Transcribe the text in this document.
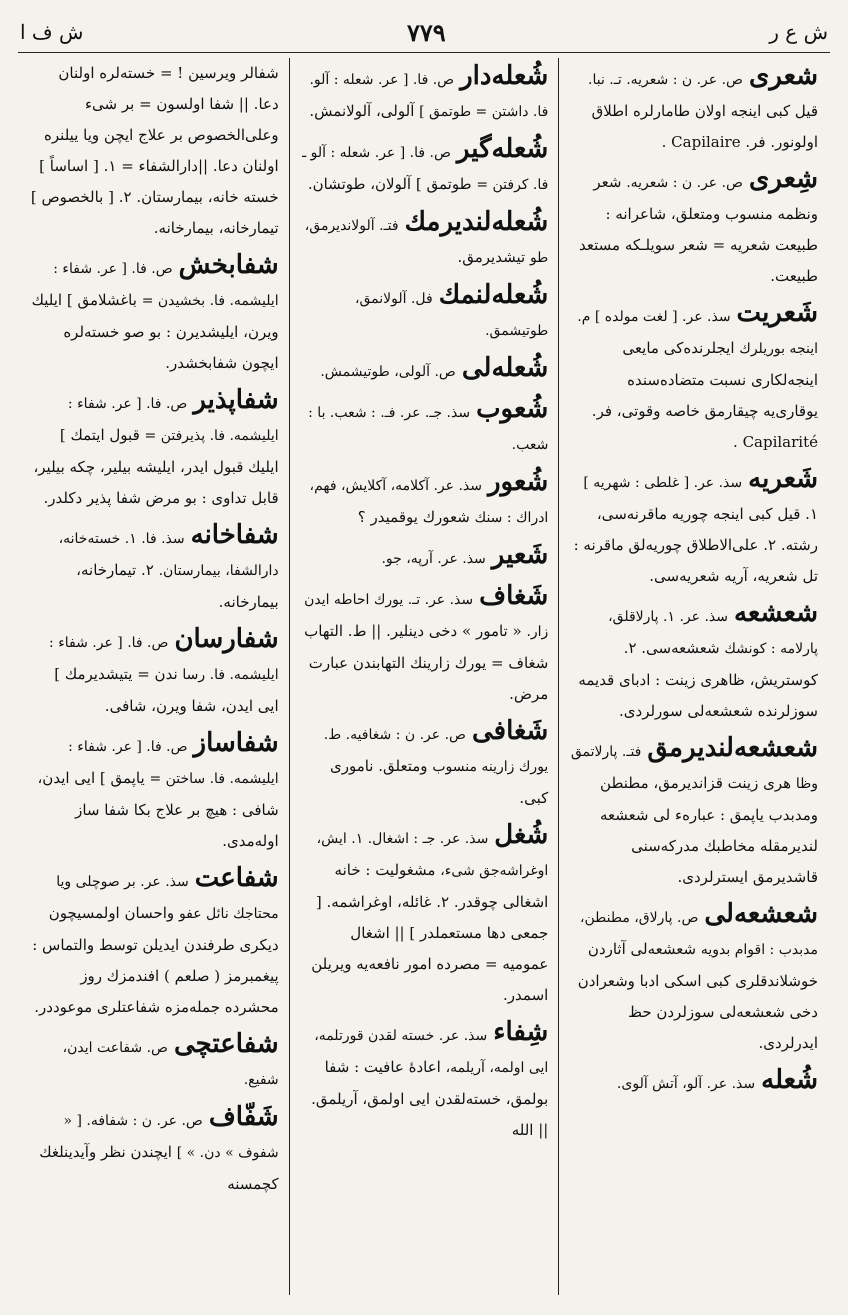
ش ع ر
٧٧٩
ش ف ا
شعریص. عر. ن : شعریه. تـ. نبا. قیل کبی اینجه اولان طامارلره اطلاق اولونور. فر. Capilaire .
شِعریص. عر. ن : شعریه. شعر ونظمه منسوب ومتعلق، شاعرانه : طبیعت شعریه = شعر سویلـکه مستعد طبیعت.
شَعریتسذ. عر. [ لغت مولده ] م. اینجه بوریلرك ایجلرنده‌کی مایعی اینجه‌لکاری نسبت متضاده‌سنده یوقاری‌یه چیقارمق خاصه وقوتی، فر. Capilarité .
شَعریهسذ. عر. [ غلطی : شهریه ] ١. قیل کبی اینجه چوریه ماقرنه‌سی، رشته. ٢. علی‌الاطلاق چوریه‌لق ماقرنه : تل شعریه، آریه شعریه‌سی.
شعشعهسذ. عر. ١. پارلاقلق، پارلامه : کونشك شعشعه‌سی. ٢. کوستریش، ظاهری زینت : ادبای قدیمه سوزلرنده شعشعه‌لی سورلردی.
شعشعه‌لندیرمقفتـ. پارلاتمق وظا هری زینت قزاندیرمق، مطنطن ومدبدب یاپمق : عبارهء لی شعشعه لندیرمقله مخاطبك مدرکه‌سنی قاشدیرمق ایسترلردی.
شعشعه‌لیص. پارلاق، مطنطن، مدبدب : اقوام بدویه شعشعه‌لی آثاردن خوشلاندقلری کبی اسکی ادبا وشعرادن دخی شعشعه‌لی سوزلردن حظ ایدرلردی.
شُعلهسذ. عر. آلو، آتش آلوی.
شُعله‌دارص. فا. [ عر. شعله : آلو. فا. داشتن = طوتمق ] آلولی، آلولانمش.
شُعله‌گیرص. فا. [ عر. شعله : آلو ـ فا. کرفتن = طوتمق ] آلولان، طوتشان.
شُعله‌لندیرمكفتـ. آلولاندیرمق، طو تیشدیرمق.
شُعله‌لنمكفل. آلولانمق، طوتیشمق.
شُعله‌لیص. آلولی، طوتیشمش.
شُعوبسذ. جـ. عر. فـ. : شعب. با : شعب.
شُعورسذ. عر. آکلامه، آکلایش، فهم، ادراك : سنك شعورك یوقمیدر ؟
شَعیرسذ. عر. آرپه، جو.
شَغافسذ. عر. تـ. یورك احاطه ایدن زار. « تامور » دخی دینلیر. || ط. التهاب شغاف = یورك زارینك التهابندن عبارت مرض.
شَغافیص. عر. ن : شغافیه. ط. یورك زارینه منسوب ومتعلق. ناموری کبی.
شُغلسذ. عر. جـ : اشغال. ١. ایش، اوغراشه‌جق شیء، مشغولیت : خانه اشغالی چوقدر. ٢. غائله، اوغراشمه. [ جمعی دها مستعملدر ] || اشغال عمومیه = مصرده امور نافعه‌یه ویریلن اسمدر.
شِفاءسذ. عر. خسته لقدن قورتلمه، ایی اولمه، آریلمه، اعادهٔ عافیت : شفا بولمق، خسته‌لقدن ایی اولمق، آریلمق. || الله
شفالر ویرسین ! = خسته‌لره اولنان دعا. || شفا اولسون = بر شیء وعلی‌الخصوص بر علاج ایچن ویا ییلنره اولنان دعا. ||دارالشفاء = ١. [ اساساً ] خسته خانه، بیمارستان. ٢. [ بالخصوص ] تیمارخانه، بیمارخانه.
شفابخشص. فا. [ عر. شفاء : ایلیشمه. فا. بخشیدن = باغشلامق ] ایلیك ویرن، ایلیشدیرن : بو صو خسته‌لره ایچون شفابخشدر.
شفاپذیرص. فا. [ عر. شفاء : ایلیشمه. فا. پذیرفتن = قبول ایتمك ] ایلیك قبول ایدر، ایلیشه بیلیر، چکه بیلیر، قابل تداوی : بو مرض شفا پذیر دکلدر.
شفاخانهسذ. فا. ١. خسته‌خانه، دارالشفا، بیمارستان. ٢. تیمارخانه، بیمارخانه.
شفارسانص. فا. [ عر. شفاء : ایلیشمه. فا. رسا ندن = یتیشدیرمك ] ایی ایدن، شفا ویرن، شافی.
شفاسازص. فا. [ عر. شفاء : ایلیشمه. فا. ساختن = یاپمق ] ایی ایدن، شافی : هیچ بر علاج بکا شفا ساز اوله‌مدی.
شفاعتسذ. عر. بر صوچلی ویا محتاجك نائل عفو واحسان اولمسیچون دیکری طرفندن ایدیلن توسط والتماس : پیغمبرمز ( صلعم ) افندمزك روز محشرده جمله‌مزه شفاعتلری موعوددر.
شفاعتچیص. شفاعت ایدن، شفیع.
شَفّافص. عر. ن : شفافه. [ « شفوف » دن. » ] ایچندن نظر وآیدینلغك کچمسنه
